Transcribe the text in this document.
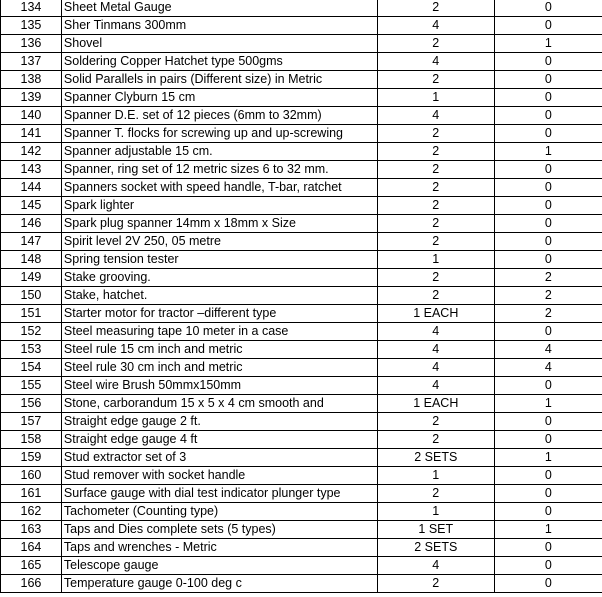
134	Sheet Metal Gauge	2	0
135	Sher Tinmans 300mm	4	0
136	Shovel	2	1
137	Soldering Copper Hatchet type 500gms	4	0
138	Solid Parallels in pairs (Different size) in Metric	2	0
139	Spanner Clyburn 15 cm	1	0
140	Spanner D.E. set of 12 pieces (6mm to 32mm)	4	0
141	Spanner T. flocks for screwing up and up-screwing	2	0
142	Spanner adjustable 15 cm.	2	1
143	Spanner, ring set of 12 metric sizes 6 to 32 mm.	2	0
144	Spanners socket with speed handle, T-bar, ratchet	2	0
145	Spark lighter	2	0
146	Spark plug spanner 14mm x 18mm x Size	2	0
147	Spirit level 2V 250, 05 metre	2	0
148	Spring tension tester	1	0
149	Stake grooving.	2	2
150	Stake, hatchet.	2	2
151	Starter motor for tractor –different type	1 EACH	2
152	Steel measuring tape 10 meter in a case	4	0
153	Steel rule 15 cm inch and metric	4	4
154	Steel rule 30 cm inch and metric	4	4
155	Steel wire Brush 50mmx150mm	4	0
156	Stone, carborandum 15 x 5 x 4 cm smooth and	1 EACH	1
157	Straight edge gauge 2 ft.	2	0
158	Straight edge gauge 4 ft	2	0
159	Stud extractor set of 3	2 SETS	1
160	Stud remover with socket handle	1	0
161	Surface gauge with dial test indicator plunger type	2	0
162	Tachometer (Counting type)	1	0
163	Taps and Dies complete sets (5 types)	1 SET	1
164	Taps and wrenches - Metric	2 SETS	0
165	Telescope gauge	4	0
166	Temperature gauge 0-100 deg c	2	0
